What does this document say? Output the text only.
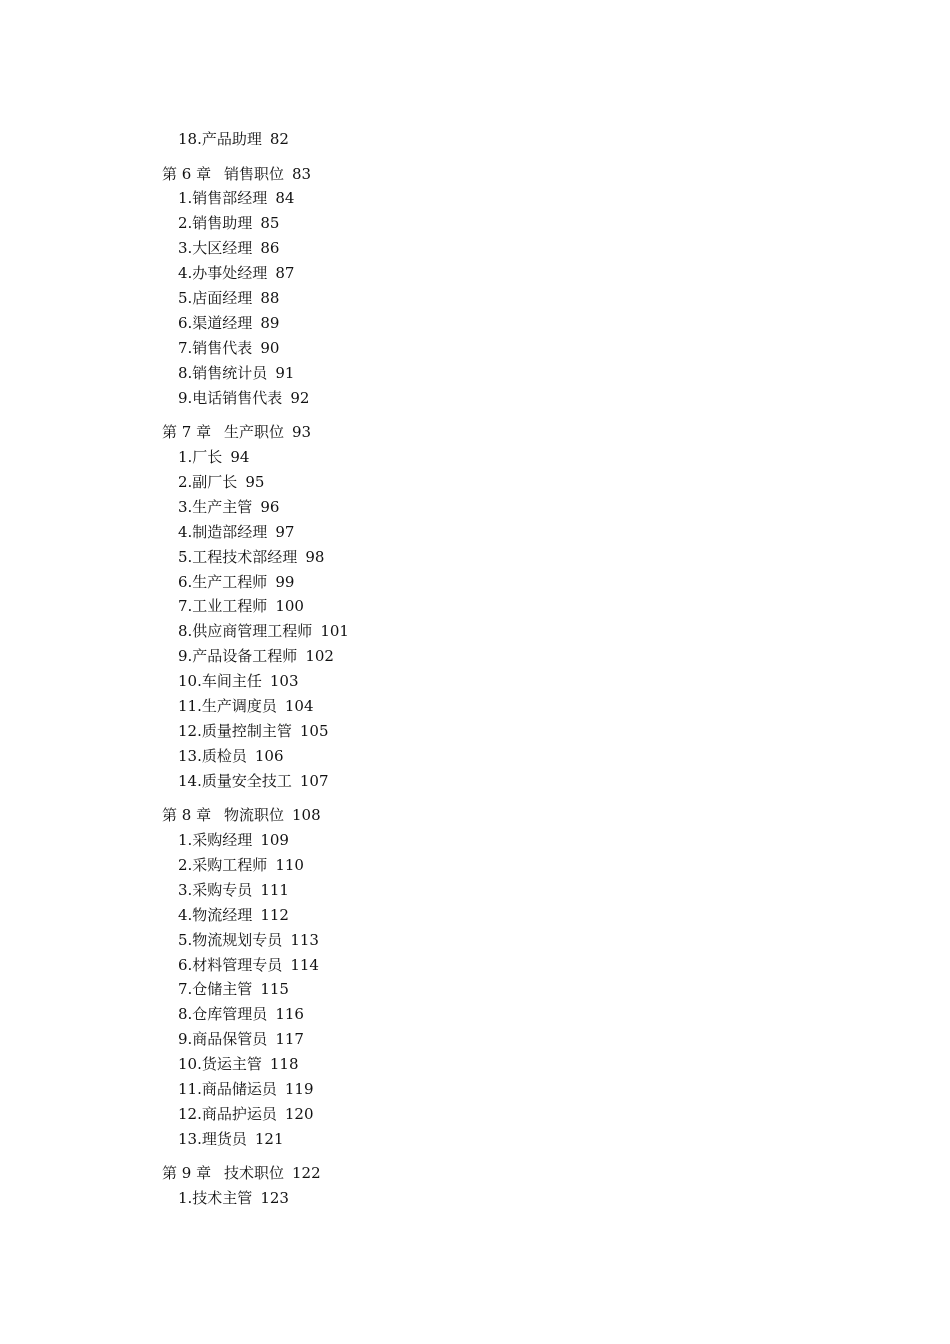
18.产品助理 82
第 6 章 销售职位 83
1.销售部经理 84
2.销售助理 85
3.大区经理 86
4.办事处经理 87
5.店面经理 88
6.渠道经理 89
7.销售代表 90
8.销售统计员 91
9.电话销售代表 92
第 7 章 生产职位 93
1.厂长 94
2.副厂长 95
3.生产主管 96
4.制造部经理 97
5.工程技术部经理 98
6.生产工程师 99
7.工业工程师 100
8.供应商管理工程师 101
9.产品设备工程师 102
10.车间主任 103
11.生产调度员 104
12.质量控制主管 105
13.质检员 106
14.质量安全技工 107
第 8 章 物流职位 108
1.采购经理 109
2.采购工程师 110
3.采购专员 111
4.物流经理 112
5.物流规划专员 113
6.材料管理专员 114
7.仓储主管 115
8.仓库管理员 116
9.商品保管员 117
10.货运主管 118
11.商品储运员 119
12.商品护运员 120
13.理货员 121
第 9 章 技术职位 122
1.技术主管 123
